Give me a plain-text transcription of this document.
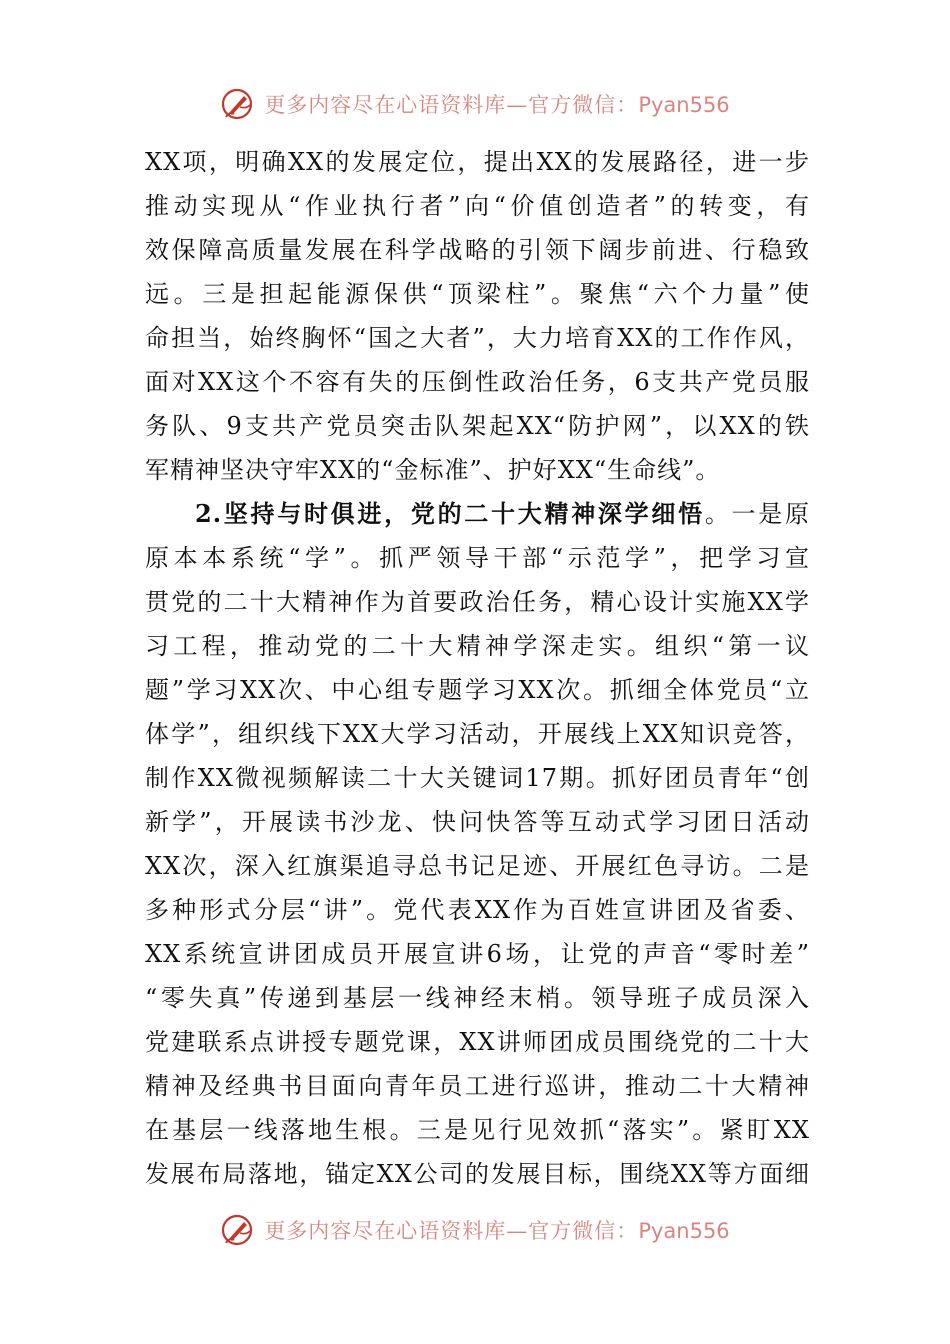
更多内容尽在心语资料库—官方微信：Pyan556
XX项，明确XX的发展定位，提出XX的发展路径，进一步
推动实现从“作业执行者”向“价值创造者”的转变，有
效保障高质量发展在科学战略的引领下阔步前进、行稳致
远。三是担起能源保供“顶梁柱”。聚焦“六个力量”使
命担当，始终胸怀“国之大者”，大力培育XX的工作作风，
面对XX这个不容有失的压倒性政治任务，6支共产党员服
务队、9支共产党员突击队架起XX“防护网”，以XX的铁
军精神坚决守牢XX的“金标准”、护好XX“生命线”。
2.坚持与时俱进，党的二十大精神深学细悟。一是原
原本本系统“学”。抓严领导干部“示范学”，把学习宣
贯党的二十大精神作为首要政治任务，精心设计实施XX学
习工程，推动党的二十大精神学深走实。组织“第一议
题”学习XX次、中心组专题学习XX次。抓细全体党员“立
体学”，组织线下XX大学习活动，开展线上XX知识竞答，
制作XX微视频解读二十大关键词17期。抓好团员青年“创
新学”，开展读书沙龙、快问快答等互动式学习团日活动
XX次，深入红旗渠追寻总书记足迹、开展红色寻访。二是
多种形式分层“讲”。党代表XX作为百姓宣讲团及省委、
XX系统宣讲团成员开展宣讲6场，让党的声音“零时差”
“零失真”传递到基层一线神经末梢。领导班子成员深入
党建联系点讲授专题党课，XX讲师团成员围绕党的二十大
精神及经典书目面向青年员工进行巡讲，推动二十大精神
在基层一线落地生根。三是见行见效抓“落实”。紧盯XX
发展布局落地，锚定XX公司的发展目标，围绕XX等方面细
更多内容尽在心语资料库—官方微信：Pyan556
